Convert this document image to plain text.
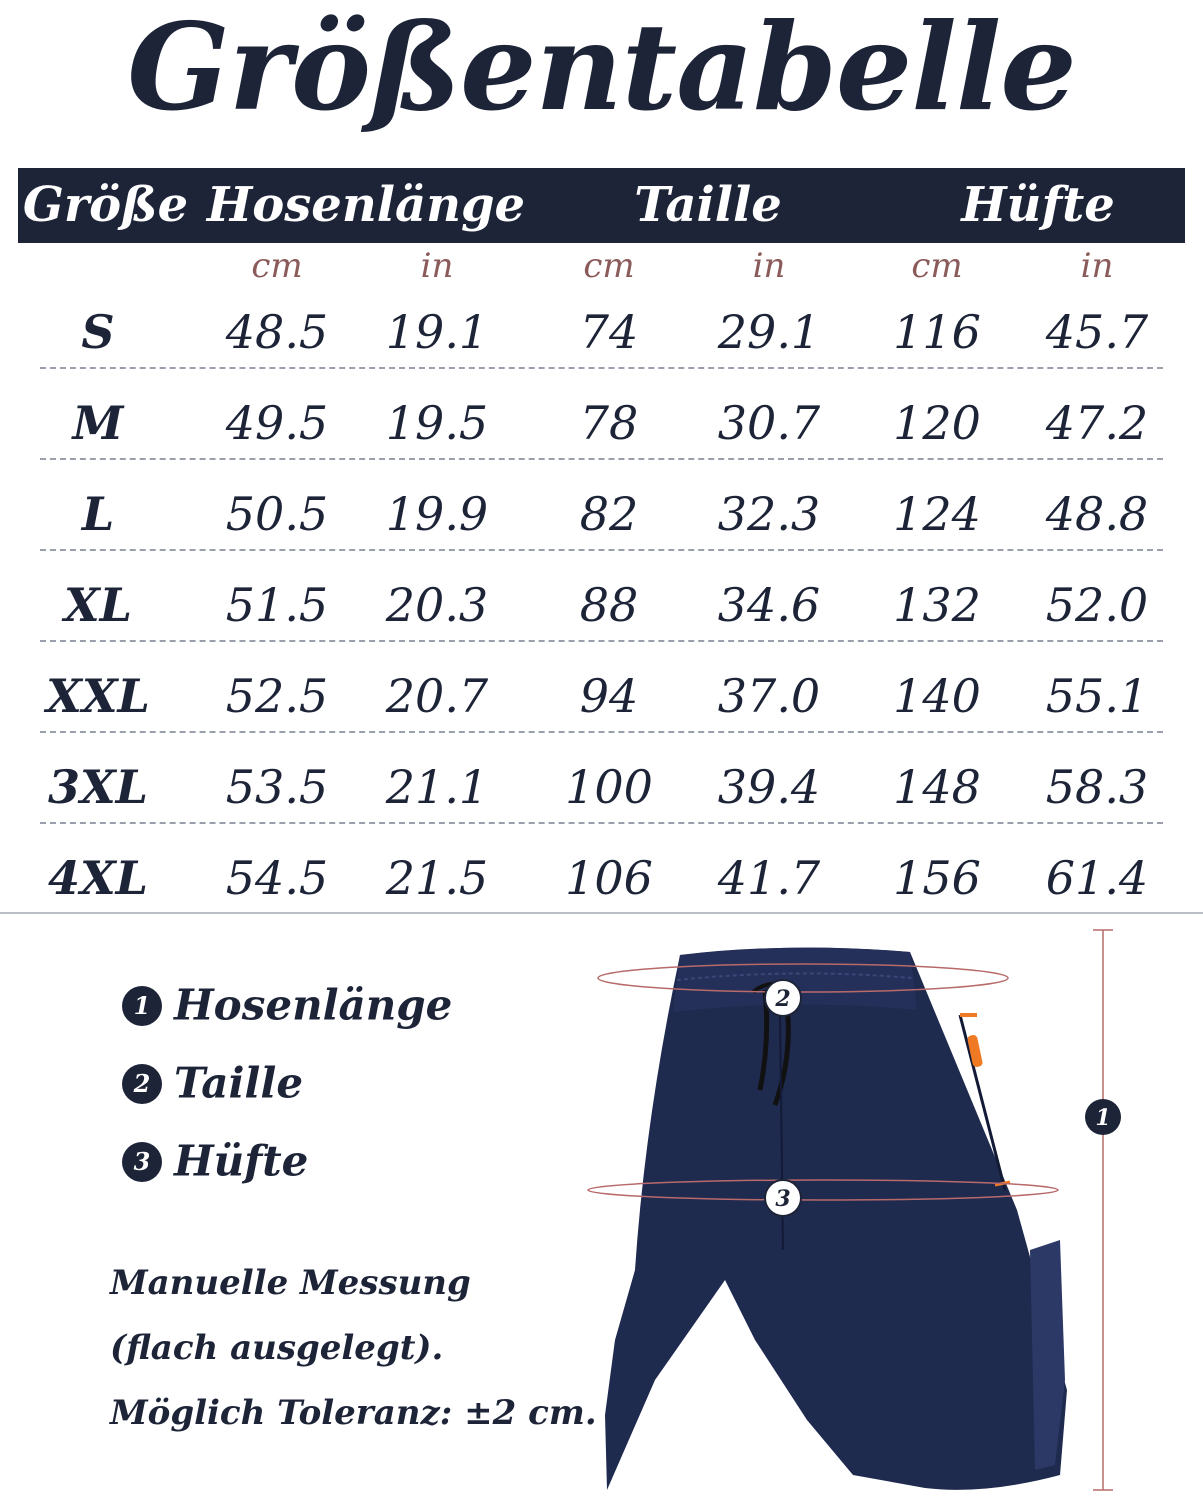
Größentabelle
Größe Hosenlänge	Taille	Hüfte
cm	in	cm	in	cm	in
S	48.5	19.1	74	29.1	116	45.7
M	49.5	19.5	78	30.7	120	47.2
L	50.5	19.9	82	32.3	124	48.8
XL	51.5	20.3	88	34.6	132	52.0
XXL	52.5	20.7	94	37.0	140	55.1
3XL	53.5	21.1	100	39.4	148	58.3
4XL	54.5	21.5	106	41.7	156	61.4
1 Hosenlänge
2 Taille
3 Hüfte
Manuelle Messung
(flach ausgelegt).
Möglich Toleranz: ±2 cm.
2
3
1
